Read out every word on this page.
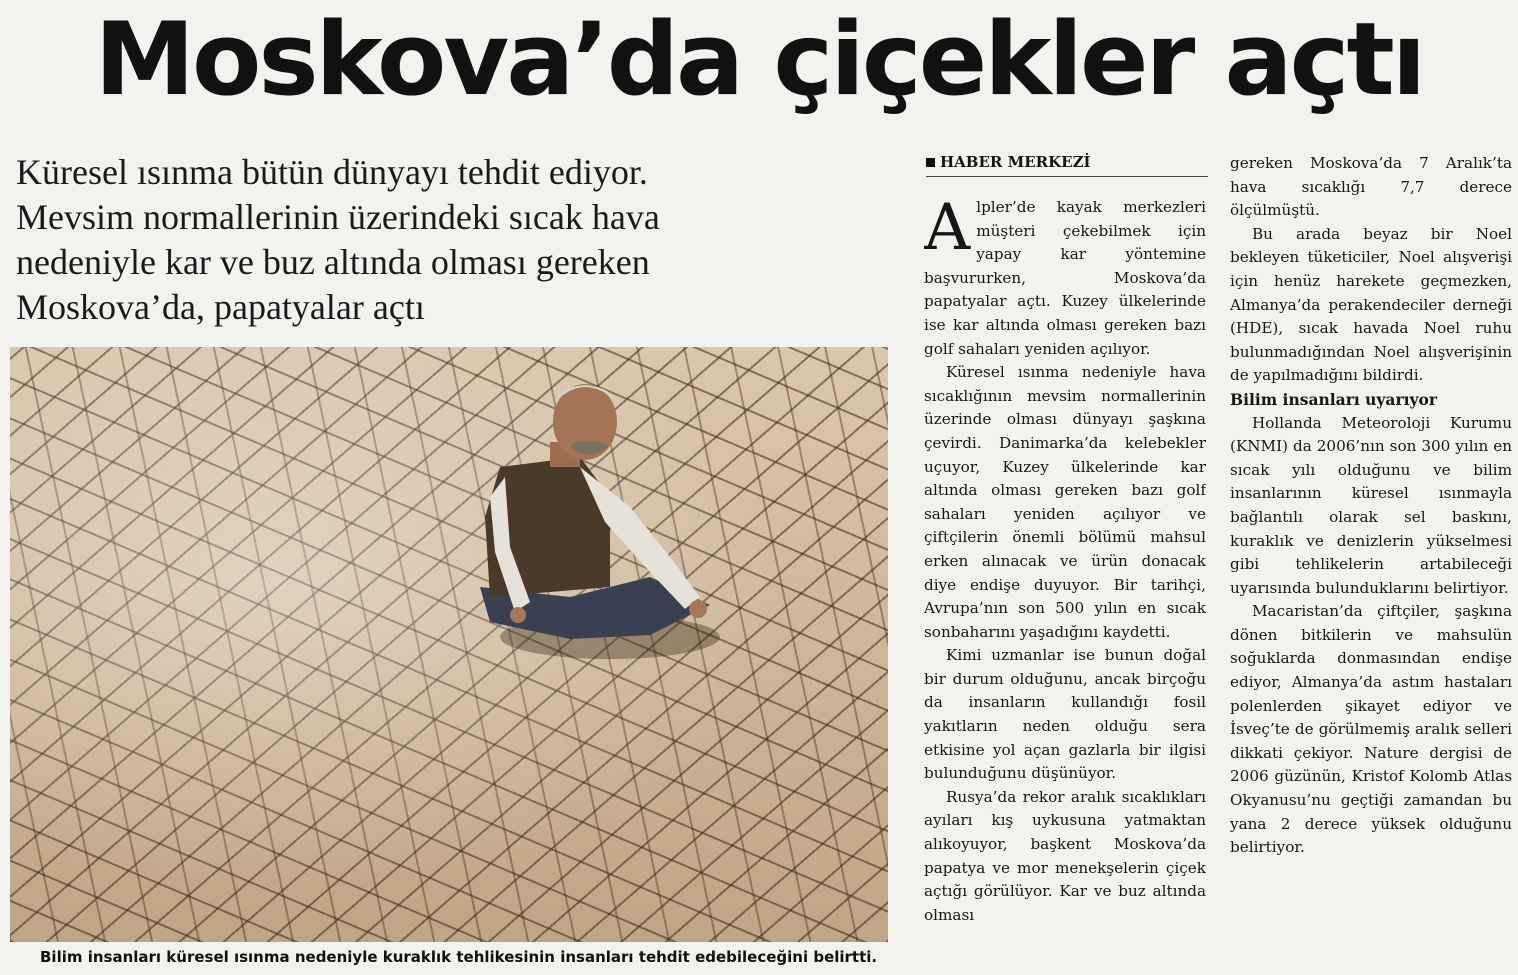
Moskova’da çiçekler açtı

Küresel ısınma bütün dünyayı tehdit ediyor.

Mevsim normallerinin üzerindeki sıcak hava

nedeniyle kar ve buz altında olması gereken

Moskova’da, papatyalar açtı

Bilim insanları küresel ısınma nedeniyle kuraklık tehlikesinin insanları tehdit edebileceğini belirtti.
HABER MERKEZİ

Alpler’de kayak merkezleri müşteri çekebilmek için yapay kar yöntemine başvururken, Moskova’da papatyalar açtı. Kuzey ülkelerinde ise kar altında olması gereken bazı golf sahaları yeniden açılıyor.

Küresel ısınma nedeniyle hava sıcaklığının mevsim normallerinin üzerinde olması dünyayı şaşkına çevirdi. Danimarka’da kelebekler uçuyor, Kuzey ülkelerinde kar altında olması gereken bazı golf sahaları yeniden açılıyor ve çiftçilerin önemli bölümü mahsul erken alınacak ve ürün donacak diye endişe duyuyor. Bir tarihçi, Avrupa’nın son 500 yılın en sıcak sonbaharını yaşadığını kaydetti.

Kimi uzmanlar ise bunun doğal bir durum olduğunu, ancak birçoğu da insanların kullandığı fosil yakıtların neden olduğu sera etkisine yol açan gazlarla bir ilgisi bulunduğunu düşünüyor.

Rusya’da rekor aralık sıcaklıkları ayıları kış uykusuna yatmaktan alıkoyuyor, başkent Moskova’da papatya ve mor menekşelerin çiçek açtığı görülüyor. Kar ve buz altında olması

gereken Moskova’da 7 Aralık’ta hava sıcaklığı 7,7 derece ölçülmüştü.

Bu arada beyaz bir Noel bekleyen tüketiciler, Noel alışverişi için henüz harekete geçmezken, Almanya’da perakendeciler derneği (HDE), sıcak havada Noel ruhu bulunmadığından Noel alışverişinin de yapılmadığını bildirdi.

Bilim insanları uyarıyor

Hollanda Meteoroloji Kurumu (KNMI) da 2006’nın son 300 yılın en sıcak yılı olduğunu ve bilim insanlarının küresel ısınmayla bağlantılı olarak sel baskını, kuraklık ve denizlerin yükselmesi gibi tehlikelerin artabileceği uyarısında bulunduklarını belirtiyor.

Macaristan’da çiftçiler, şaşkına dönen bitkilerin ve mahsulün soğuklarda donmasından endişe ediyor, Almanya’da astım hastaları polenlerden şikayet ediyor ve İsveç’te de görülmemiş aralık selleri dikkati çekiyor. Nature dergisi de 2006 güzünün, Kristof Kolomb Atlas Okyanusu’nu geçtiği zamandan bu yana 2 derece yüksek olduğunu belirtiyor.
